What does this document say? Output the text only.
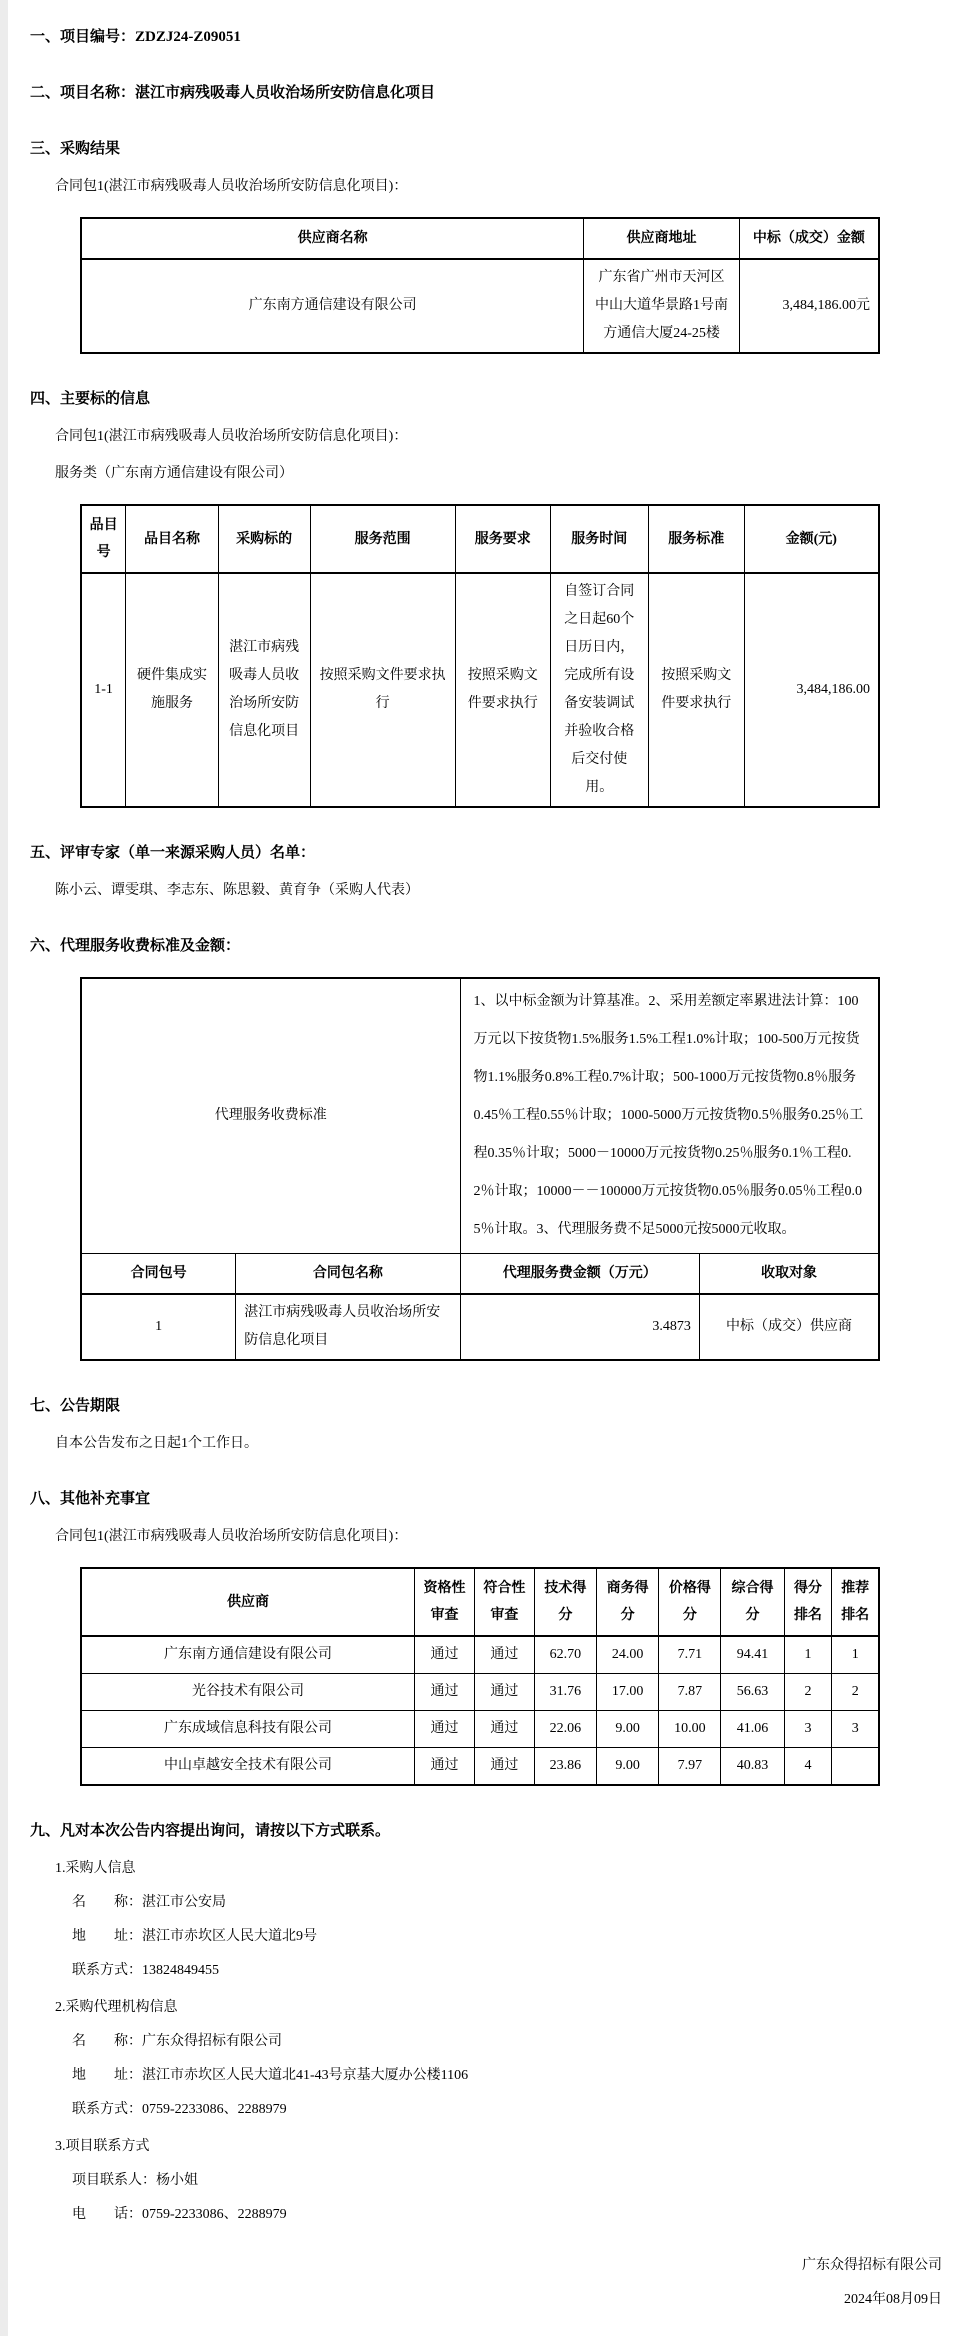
一、项目编号：ZDZJ24-Z09051
二、项目名称：湛江市病残吸毒人员收治场所安防信息化项目
三、采购结果

合同包1(湛江市病残吸毒人员收治场所安防信息化项目)：

供应商名称	供应商地址	中标（成交）金额
广东南方通信建设有限公司	广东省广州市天河区中山大道华景路1号南方通信大厦24-25楼	3,484,186.00元
四、主要标的信息

合同包1(湛江市病残吸毒人员收治场所安防信息化项目)：

服务类（广东南方通信建设有限公司）

品目号	品目名称	采购标的	服务范围	服务要求	服务时间	服务标准	金额(元)
1-1	硬件集成实施服务	湛江市病残吸毒人员收治场所安防信息化项目	按照采购文件要求执行	按照采购文件要求执行	自签订合同之日起60个日历日内，完成所有设备安装调试并验收合格后交付使用。	按照采购文件要求执行	3,484,186.00
五、评审专家（单一来源采购人员）名单：

陈小云、谭雯琪、李志东、陈思毅、黄育争（采购人代表）

六、代理服务收费标准及金额：
代理服务收费标准		1、以中标金额为计算基准。2、采用差额定率累进法计算：100万元以下按货物1.5%服务1.5%工程1.0%计取；100-500万元按货物1.1%服务0.8%工程0.7%计取；500-1000万元按货物0.8％服务0.45％工程0.55％计取；1000-5000万元按货物0.5％服务0.25％工程0.35％计取；5000－10000万元按货物0.25％服务0.1％工程0.2％计取；10000－－100000万元按货物0.05％服务0.05％工程0.05％计取。3、代理服务费不足5000元按5000元收取。	
合同包号	合同包名称	代理服务费金额（万元）	收取对象
1	湛江市病残吸毒人员收治场所安防信息化项目	3.4873	中标（成交）供应商
七、公告期限

自本公告发布之日起1个工作日。

八、其他补充事宜

合同包1(湛江市病残吸毒人员收治场所安防信息化项目)：

供应商	资格性审查	符合性审查	技术得分	商务得分	价格得分	综合得分	得分排名	推荐排名
广东南方通信建设有限公司	通过	通过	62.70	24.00	7.71	94.41	1	1
光谷技术有限公司	通过	通过	31.76	17.00	7.87	56.63	2	2
广东成域信息科技有限公司	通过	通过	22.06	9.00	10.00	41.06	3	3
中山卓越安全技术有限公司	通过	通过	23.86	9.00	7.97	40.83	4	
九、凡对本次公告内容提出询问，请按以下方式联系。

1.采购人信息

名　　称：湛江市公安局

地　　址：湛江市赤坎区人民大道北9号

联系方式：13824849455

2.采购代理机构信息

名　　称：广东众得招标有限公司

地　　址：湛江市赤坎区人民大道北41-43号京基大厦办公楼1106

联系方式：0759-2233086、2288979

3.项目联系方式

项目联系人：杨小姐

电　　话：0759-2233086、2288979

广东众得招标有限公司

2024年08月09日
